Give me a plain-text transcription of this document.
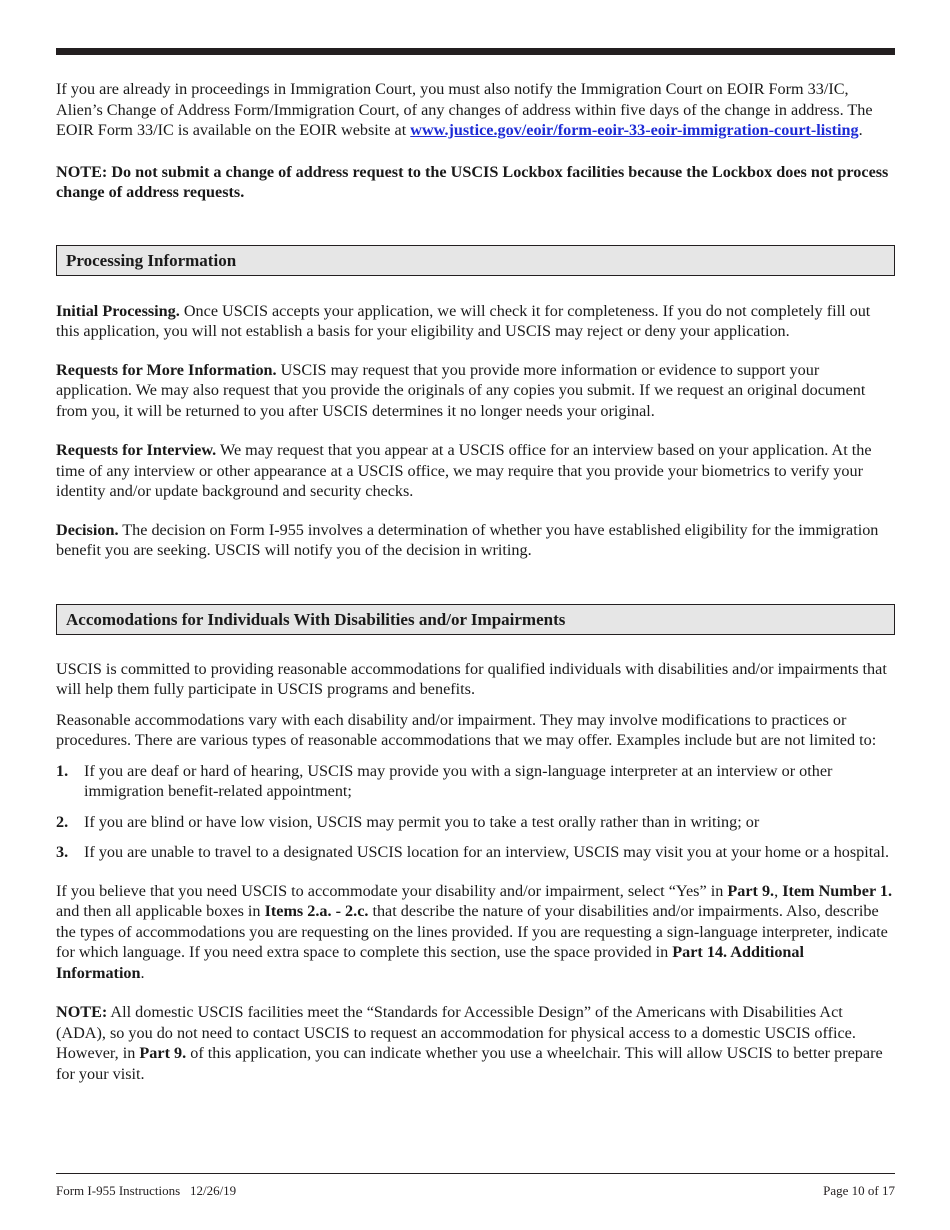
If you are already in proceedings in Immigration Court, you must also notify the Immigration Court on EOIR Form 33/IC, Alien’s Change of Address Form/Immigration Court, of any changes of address within five days of the change in address. The EOIR Form 33/IC is available on the EOIR website at www.justice.gov/eoir/form-eoir-33-eoir-immigration-court-listing.

NOTE: Do not submit a change of address request to the USCIS Lockbox facilities because the Lockbox does not process change of address requests.

Processing Information

Initial Processing. Once USCIS accepts your application, we will check it for completeness. If you do not completely fill out this application, you will not establish a basis for your eligibility and USCIS may reject or deny your application.

Requests for More Information. USCIS may request that you provide more information or evidence to support your application. We may also request that you provide the originals of any copies you submit. If we request an original document from you, it will be returned to you after USCIS determines it no longer needs your original.

Requests for Interview. We may request that you appear at a USCIS office for an interview based on your application. At the time of any interview or other appearance at a USCIS office, we may require that you provide your biometrics to verify your identity and/or update background and security checks.

Decision. The decision on Form I-955 involves a determination of whether you have established eligibility for the immigration benefit you are seeking. USCIS will notify you of the decision in writing.

Accomodations for Individuals With Disabilities and/or Impairments

USCIS is committed to providing reasonable accommodations for qualified individuals with disabilities and/or impairments that will help them fully participate in USCIS programs and benefits.

Reasonable accommodations vary with each disability and/or impairment. They may involve modifications to practices or procedures. There are various types of reasonable accommodations that we may offer. Examples include but are not limited to:

1. If you are deaf or hard of hearing, USCIS may provide you with a sign-language interpreter at an interview or other immigration benefit-related appointment;

2. If you are blind or have low vision, USCIS may permit you to take a test orally rather than in writing; or

3. If you are unable to travel to a designated USCIS location for an interview, USCIS may visit you at your home or a hospital.

If you believe that you need USCIS to accommodate your disability and/or impairment, select “Yes” in Part 9., Item Number 1. and then all applicable boxes in Items 2.a. - 2.c. that describe the nature of your disabilities and/or impairments. Also, describe the types of accommodations you are requesting on the lines provided. If you are requesting a sign-language interpreter, indicate for which language. If you need extra space to complete this section, use the space provided in Part 14. Additional Information.

NOTE: All domestic USCIS facilities meet the “Standards for Accessible Design” of the Americans with Disabilities Act (ADA), so you do not need to contact USCIS to request an accommodation for physical access to a domestic USCIS office. However, in Part 9. of this application, you can indicate whether you use a wheelchair. This will allow USCIS to better prepare for your visit.

Form I-955 Instructions   12/26/19	Page 10 of 17
